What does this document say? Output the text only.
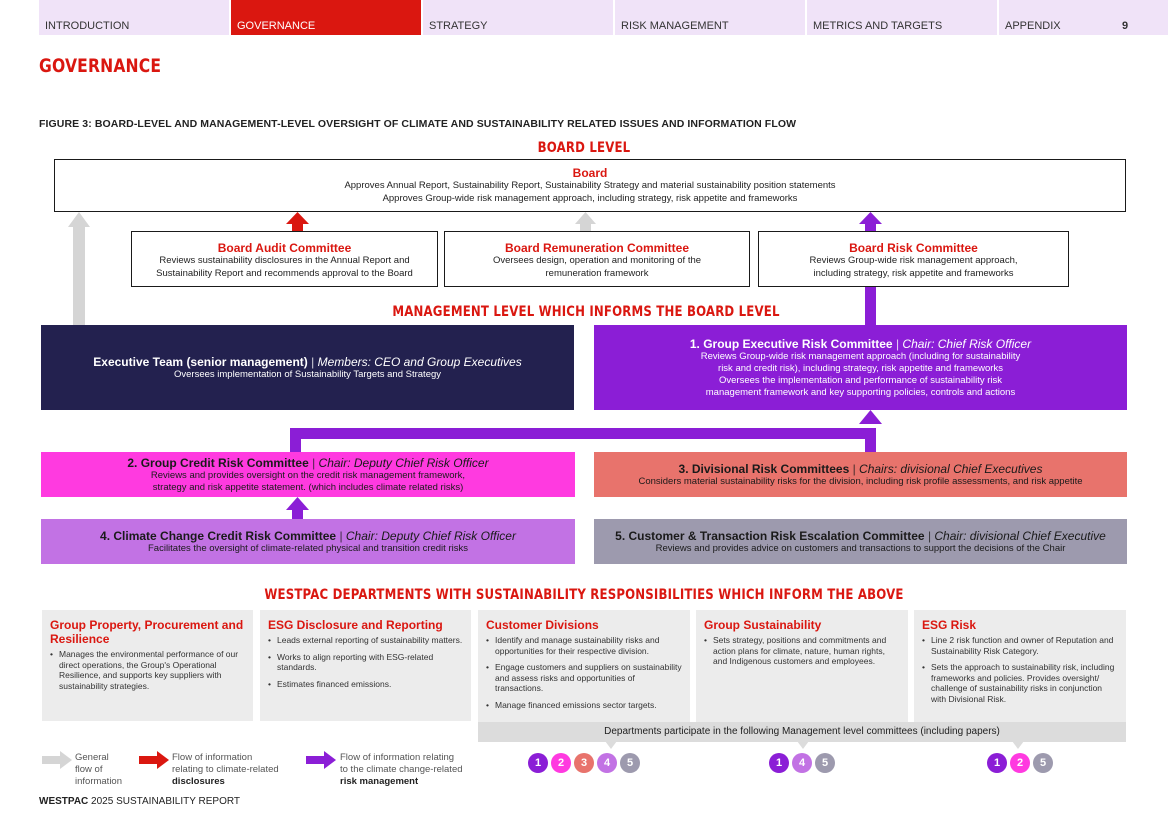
INTRODUCTION	GOVERNANCE	STRATEGY	RISK MANAGEMENT	METRICS AND TARGETS	APPENDIX	9
GOVERNANCE
FIGURE 3: BOARD-LEVEL AND MANAGEMENT-LEVEL OVERSIGHT OF CLIMATE AND SUSTAINABILITY RELATED ISSUES AND INFORMATION FLOW
BOARD LEVEL
Board
Approves Annual Report, Sustainability Report, Sustainability Strategy and material sustainability position statements
Approves Group-wide risk management approach, including strategy, risk appetite and frameworks
Board Audit Committee
Reviews sustainability disclosures in the Annual Report and
Sustainability Report and recommends approval to the Board
Board Remuneration Committee
Oversees design, operation and monitoring of the
remuneration framework
Board Risk Committee
Reviews Group-wide risk management approach,
including strategy, risk appetite and frameworks
MANAGEMENT LEVEL WHICH INFORMS THE BOARD LEVEL
Executive Team (senior management) | Members: CEO and Group Executives
Oversees implementation of Sustainability Targets and Strategy
1. Group Executive Risk Committee | Chair: Chief Risk Officer
Reviews Group-wide risk management approach (including for sustainability
risk and credit risk), including strategy, risk appetite and frameworks
Oversees the implementation and performance of sustainability risk
management framework and key supporting policies, controls and actions
2. Group Credit Risk Committee | Chair: Deputy Chief Risk Officer
Reviews and provides oversight on the credit risk management framework,
strategy and risk appetite statement. (which includes climate related risks)
3. Divisional Risk Committees | Chairs: divisional Chief Executives
Considers material sustainability risks for the division, including risk profile assessments, and risk appetite
4. Climate Change Credit Risk Committee | Chair: Deputy Chief Risk Officer
Facilitates the oversight of climate-related physical and transition credit risks
5. Customer & Transaction Risk Escalation Committee | Chair: divisional Chief Executive
Reviews and provides advice on customers and transactions to support the decisions of the Chair
WESTPAC DEPARTMENTS WITH SUSTAINABILITY RESPONSIBILITIES WHICH INFORM THE ABOVE
Group Property, Procurement and Resilience
• Manages the environmental performance of our direct operations, the Group's Operational Resilience, and supports key suppliers with sustainability strategies.
ESG Disclosure and Reporting
• Leads external reporting of sustainability matters.
• Works to align reporting with ESG-related standards.
• Estimates financed emissions.
Customer Divisions
• Identify and manage sustainability risks and opportunities for their respective division.
• Engage customers and suppliers on sustainability and assess risks and opportunities of transactions.
• Manage financed emissions sector targets.
Group Sustainability
• Sets strategy, positions and commitments and action plans for climate, nature, human rights, and Indigenous customers and employees.
ESG Risk
• Line 2 risk function and owner of Reputation and Sustainability Risk Category.
• Sets the approach to sustainability risk, including frameworks and policies. Provides oversight/ challenge of sustainability risks in conjunction with Divisional Risk.
Departments participate in the following Management level committees (including papers)
1	2	3	4	5	1	4	5	1	2	5
General
flow of
information
Flow of information
relating to climate-related
disclosures
Flow of information relating
to the climate change-related
risk management
WESTPAC 2025 SUSTAINABILITY REPORT
